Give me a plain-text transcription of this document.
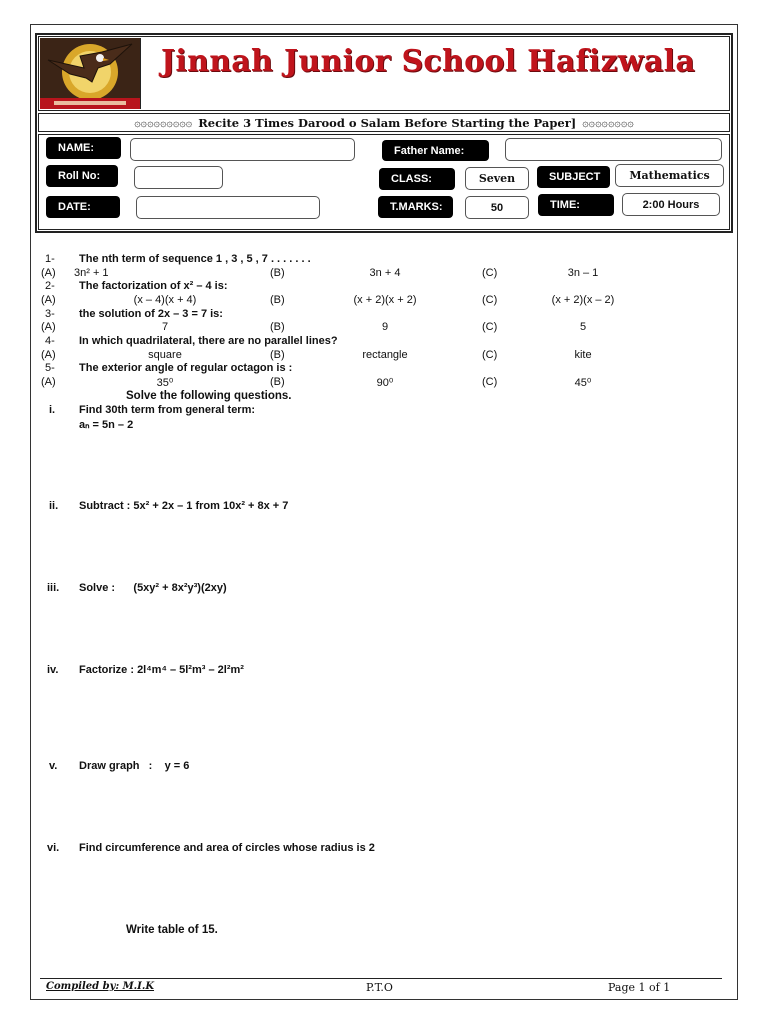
Jinnah Junior School Hafizwala
۞۞۞۞۞۞۞۞۞ Recite 3 Times Darood o Salam Before Starting the Paper] ۞۞۞۞۞۞۞۞
NAME:	Father Name:
Roll No:	CLASS:	Seven	SUBJECT	Mathematics
DATE:	T.MARKS:	50	TIME:	2:00 Hours
1- The nth term of sequence 1 , 3 , 5 , 7 . . . . . . .
(A) 3n² + 1	(B)	3n + 4	(C)	3n – 1
2- The factorization of x² – 4 is:
(A)	(x – 4)(x + 4)	(B)	(x + 2)(x + 2)	(C)	(x + 2)(x – 2)
3- the solution of 2x – 3 = 7 is:
(A)	7	(B)	9	(C)	5
4- In which quadrilateral, there are no parallel lines?
(A)	square	(B)	rectangle	(C)	kite
5- The exterior angle of regular octagon is :
(A)	35⁰	(B)	90⁰	(C)	45⁰
Solve the following questions.
i. Find 30th term from general term:
aₙ = 5n – 2
ii. Subtract : 5x² + 2x – 1 from 10x² + 8x + 7
iii. Solve :      (5xy² + 8x²y³)(2xy)
iv. Factorize : 2l⁴m⁴ – 5l²m³ – 2l²m²
v. Draw graph   :    y = 6
vi. Find circumference and area of circles whose radius is 2
Write table of 15.
Compiled by: M.I.K	P.T.O	Page 1 of 1
